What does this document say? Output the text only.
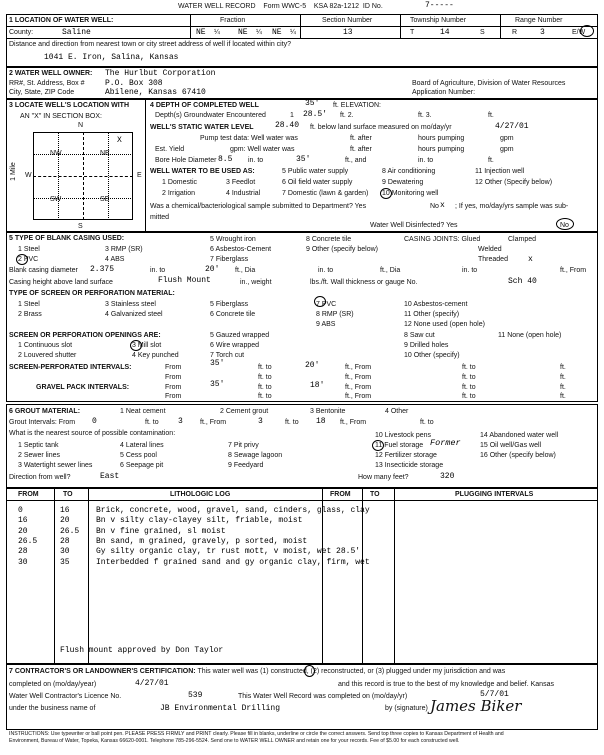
WATER WELL RECORD Form WWC-5 KSA 82a-1212 ID No.	7-----
1 LOCATION OF WATER WELL:	Fraction	Section Number	Township Number	Range Number
County:	Saline	NE ¼ NE ¼ NE ¼	13	T	14	S	R	3	E/W
Distance and direction from nearest town or city street address of well if located within city?
1041 E. Iron, Salina, Kansas
2 WATER WELL OWNER: The Hurlbut Corporation
RR#, St. Address, Box #	P.O. Box 308
City, State, ZIP Code	Abilene, Kansas 67410
Board of Agriculture, Division of Water Resources
Application Number:
3 LOCATE WELL'S LOCATION WITH
AN "X" IN SECTION BOX:
N
S
W	E
1 Mile
NW	NE
SW	SE
X
4 DEPTH OF COMPLETED WELL	35' ft. ELEVATION:
Depth(s) Groundwater Encountered	1 28.5' ft. 2.	ft. 3.	ft.
WELL'S STATIC WATER LEVEL	28.40 ft. below land surface measured on mo/day/yr	4/27/01
Pump test data: Well water was	ft. after	hours pumping	gpm
Est. Yield	gpm: Well water was	ft. after	hours pumping	gpm
Bore Hole Diameter 8.5 in. to	35'	ft., and	in. to	ft.
WELL WATER TO BE USED AS:	5 Public water supply	8 Air conditioning	11 Injection well
1 Domestic	3 Feedlot	6 Oil field water supply	9 Dewatering	12 Other (Specify below)
2 Irrigation	4 Industrial	7 Domestic (lawn & garden) 10 Monitoring well
Was a chemical/bacteriological sample submitted to Department? Yes	No x ; If yes, mo/day/yrs sample was sub-
mitted
Water Well Disinfected? Yes	No
5 TYPE OF BLANK CASING USED:	5 Wrought iron	8 Concrete tile	CASING JOINTS: Glued	Clamped
1 Steel	3 RMP (SR)	6 Asbestos-Cement	9 Other (specify below)	Welded
2 PVC	4 ABS	7 Fiberglass	Threaded	x
Blank casing diameter 2.375	in. to	20' ft., Dia	in. to	ft., Dia	in. to	ft., From
Casing height above land surface	Flush Mount	in., weight	lbs./ft. Wall thickness or gauge No.	Sch 40
TYPE OF SCREEN OR PERFORATION MATERIAL:
1 Steel	3 Stainless steel	5 Fiberglass	7 PVC	10 Asbestos-cement
2 Brass	4 Galvanized steel	6 Concrete tile	8 RMP (SR)	11 Other (specify)
9 ABS	12 None used (open hole)
SCREEN OR PERFORATION OPENINGS ARE:	5 Gauzed wrapped	8 Saw cut	11 None (open hole)
1 Continuous slot	3 Mill slot	6 Wire wrapped	9 Drilled holes
2 Louvered shutter	4 Key punched	7 Torch cut	10 Other (specify)
SCREEN-PERFORATED INTERVALS:	From	35'	ft. to	20'	ft., From	ft. to	ft.
From	ft. to	ft., From	ft. to	ft.
GRAVEL PACK INTERVALS:	From	35'	ft. to	18'	ft., From	ft. to	ft.
From	ft. to	ft., From	ft. to	ft.
6 GROUT MATERIAL:	1 Neat cement	2 Cement grout	3 Bentonite	4 Other
Grout Intervals: From 0	ft. to 3 ft., From	3	ft. to 18 ft., From	ft. to
What is the nearest source of possible contamination:	10 Livestock pens	14 Abandoned water well
1 Septic tank	4 Lateral lines	7 Pit privy	11 Fuel storage Former	15 Oil well/Gas well
2 Sewer lines	5 Cess pool	8 Sewage lagoon	12 Fertilizer storage	16 Other (specify below)
3 Watertight sewer lines	6 Seepage pit	9 Feedyard	13 Insecticide storage
Direction from well?	East	How many feet?	320
FROM	TO	LITHOLOGIC LOG	FROM	TO	PLUGGING INTERVALS
0	16	Brick, concrete, wood, gravel, sand, cinders, glass, clay
16	20	Bn v silty clay-clayey silt, friable, moist
20	26.5 Bn v fine grained, sl moist
26.5	28	Bn sand, m grained, gravely, p sorted, moist
28	30	Gy silty organic clay, tr rust mott, v moist, wet 28.5'
30	35	Interbedded f grained sand and gy organic clay, firm, wet
Flush mount approved by Don Taylor
7 CONTRACTOR'S OR LANDOWNER'S CERTIFICATION: This water well was (1) constructed, (2) reconstructed, or (3) plugged under my jurisdiction and was
completed on (mo/day/year)	4/27/01	and this record is true to the best of my knowledge and belief. Kansas
Water Well Contractor's Licence No.	539	This Water Well Record was completed on (mo/day/yr)	5/7/01
under the business name of	JB Environmental Drilling	by (signature) James Biker
INSTRUCTIONS: Use typewriter or ball point pen. PLEASE PRESS FIRMLY and PRINT clearly. Please fill in blanks, underline or circle the correct answers. Send top three copies to Kansas Department of Health and
Environment, Bureau of Water, Topeka, Kansas 66620-0001. Telephone 785-296-5524. Send one to WATER WELL OWNER and retain one for your records. Fee of $5.00 for each constructed well.
